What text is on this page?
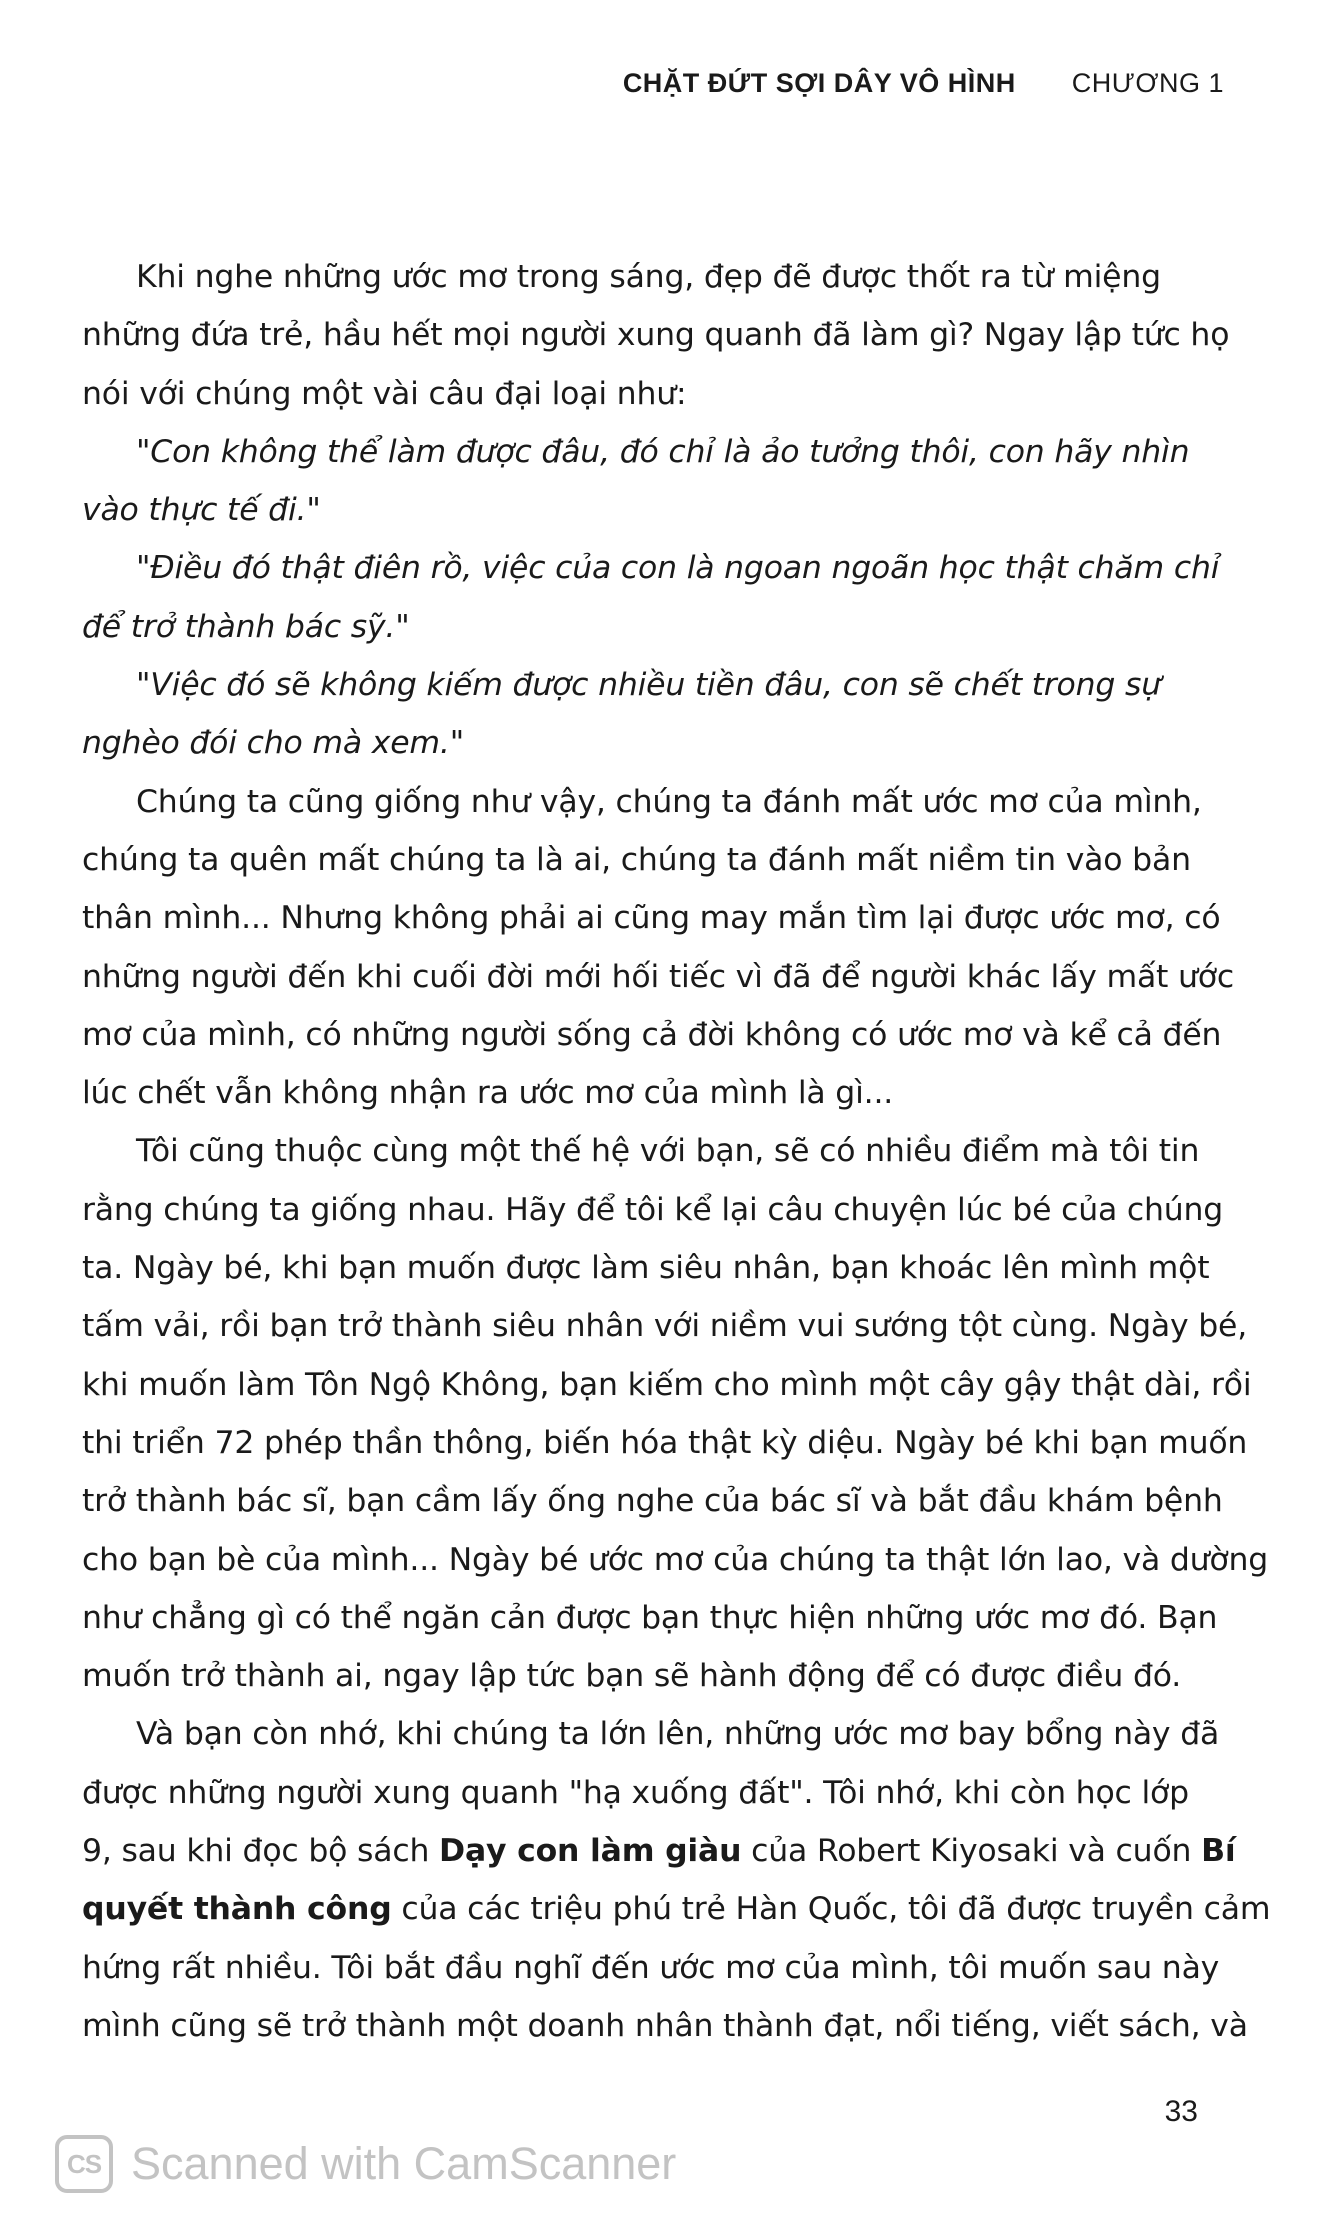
CHẶT ĐỨT SỢI DÂY VÔ HÌNH CHƯƠNG 1
Khi nghe những ước mơ trong sáng, đẹp đẽ được thốt ra từ miệng
những đứa trẻ, hầu hết mọi người xung quanh đã làm gì? Ngay lập tức họ
nói với chúng một vài câu đại loại như:
"Con không thể làm được đâu, đó chỉ là ảo tưởng thôi, con hãy nhìn
vào thực tế đi."
"Điều đó thật điên rồ, việc của con là ngoan ngoãn học thật chăm chỉ
để trở thành bác sỹ."
"Việc đó sẽ không kiếm được nhiều tiền đâu, con sẽ chết trong sự
nghèo đói cho mà xem."
Chúng ta cũng giống như vậy, chúng ta đánh mất ước mơ của mình,
chúng ta quên mất chúng ta là ai, chúng ta đánh mất niềm tin vào bản
thân mình... Nhưng không phải ai cũng may mắn tìm lại được ước mơ, có
những người đến khi cuối đời mới hối tiếc vì đã để người khác lấy mất ước
mơ của mình, có những người sống cả đời không có ước mơ và kể cả đến
lúc chết vẫn không nhận ra ước mơ của mình là gì...
Tôi cũng thuộc cùng một thế hệ với bạn, sẽ có nhiều điểm mà tôi tin
rằng chúng ta giống nhau. Hãy để tôi kể lại câu chuyện lúc bé của chúng
ta. Ngày bé, khi bạn muốn được làm siêu nhân, bạn khoác lên mình một
tấm vải, rồi bạn trở thành siêu nhân với niềm vui sướng tột cùng. Ngày bé,
khi muốn làm Tôn Ngộ Không, bạn kiếm cho mình một cây gậy thật dài, rồi
thi triển 72 phép thần thông, biến hóa thật kỳ diệu. Ngày bé khi bạn muốn
trở thành bác sĩ, bạn cầm lấy ống nghe của bác sĩ và bắt đầu khám bệnh
cho bạn bè của mình... Ngày bé ước mơ của chúng ta thật lớn lao, và dường
như chẳng gì có thể ngăn cản được bạn thực hiện những ước mơ đó. Bạn
muốn trở thành ai, ngay lập tức bạn sẽ hành động để có được điều đó.
Và bạn còn nhớ, khi chúng ta lớn lên, những ước mơ bay bổng này đã
được những người xung quanh "hạ xuống đất". Tôi nhớ, khi còn học lớp
9, sau khi đọc bộ sách Dạy con làm giàu của Robert Kiyosaki và cuốn Bí
quyết thành công của các triệu phú trẻ Hàn Quốc, tôi đã được truyền cảm
hứng rất nhiều. Tôi bắt đầu nghĩ đến ước mơ của mình, tôi muốn sau này
mình cũng sẽ trở thành một doanh nhân thành đạt, nổi tiếng, viết sách, và
33
CS Scanned with CamScanner
